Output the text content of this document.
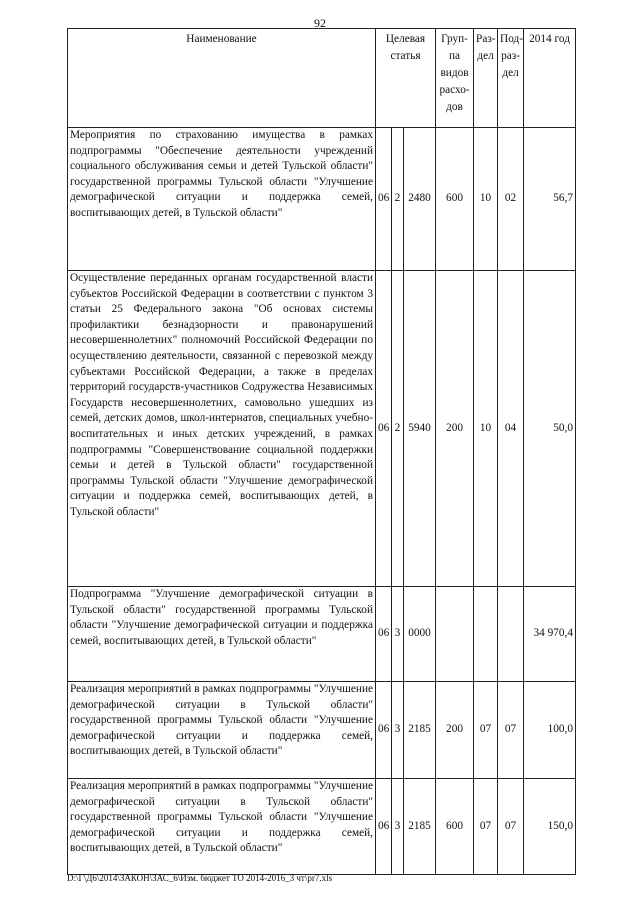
92
Наименование	Целевая статья			Груп-па видов расхо-дов	Раз-дел	Под-раз-дел	2014 год
Мероприятия по страхованию имущества в рамках подпрограммы "Обеспечение деятельности учреждений социального обслуживания семьи и детей Тульской области" государственной программы Тульской области "Улучшение демографической ситуации и поддержка семей, воспитывающих детей, в Тульской области"	06	2	2480	600	10	02	56,7
Осуществление переданных органам государственной власти субъектов Российской Федерации в соответствии с пунктом 3 статьи 25 Федерального закона "Об основах системы профилактики безнадзорности и правонарушений несовершеннолетних" полномочий Российской Федерации по осуществлению деятельности, связанной с перевозкой между субъектами Российской Федерации, а также в пределах территорий государств-участников Содружества Независимых Государств несовершеннолетних, самовольно ушедших из семей, детских домов, школ-интернатов, специальных учебно-воспитательных и иных детских учреждений, в рамках подпрограммы "Совершенствование социальной поддержки семьи и детей в Тульской области" государственной программы Тульской области "Улучшение демографической ситуации и поддержка семей, воспитывающих детей, в Тульской области"	06	2	5940	200	10	04	50,0
Подпрограмма "Улучшение демографической ситуации в Тульской области" государственной программы Тульской области "Улучшение демографической ситуации и поддержка семей, воспитывающих детей, в Тульской области"	06	3	0000				34 970,4
Реализация мероприятий в рамках подпрограммы "Улучшение демографической ситуации в Тульской области" государственной программы Тульской области "Улучшение демографической ситуации и поддержка семей, воспитывающих детей, в Тульской области"	06	3	2185	200	07	07	100,0
Реализация мероприятий в рамках подпрограммы "Улучшение демографической ситуации в Тульской области" государственной программы Тульской области "Улучшение демографической ситуации и поддержка семей, воспитывающих детей, в Тульской области"	06	3	2185	600	07	07	150,0
D:\Г\Д6\2014\ЗАКОН\ЗАС_6\Изм. бюджет ТО 2014-2016_3 чт\pr7.xls
